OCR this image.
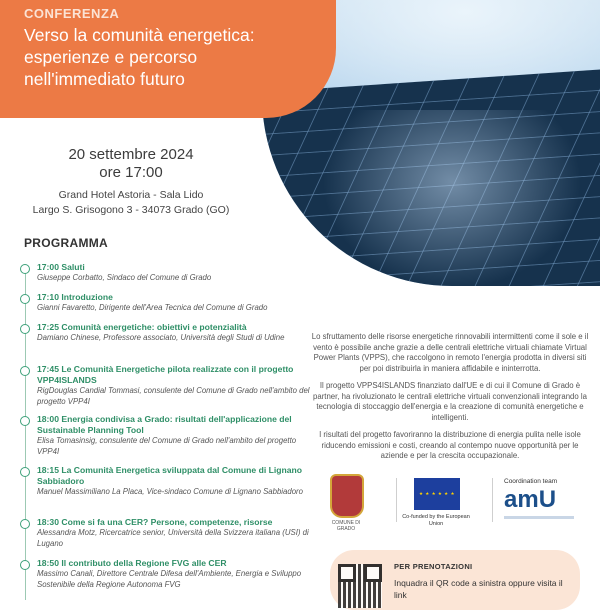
CONFERENZA
Verso la comunità energetica:
esperienze e percorso
nell'immediato futuro
20 settembre 2024
ore 17:00
Grand Hotel Astoria - Sala Lido
Largo S. Grisogono 3 - 34073 Grado (GO)
PROGRAMMA
17:00 Saluti
Giuseppe Corbatto, Sindaco del Comune di Grado
17:10 Introduzione
Gianni Favaretto, Dirigente dell'Area Tecnica del Comune di Grado
17:25 Comunità energetiche: obiettivi e potenzialità
Damiano Chinese, Professore associato, Università degli Studi di Udine
17:45 Le Comunità Energetiche pilota realizzate con il progetto VPP4ISLANDS
RigDouglas Candial Tommasi, consulente del Comune di Grado nell'ambito del progetto VPP4I
18:00 Energia condivisa a Grado: risultati dell'applicazione del Sustainable Planning Tool
Elisa Tomasinsig, consulente del Comune di Grado nell'ambito del progetto VPP4I
18:15 La Comunità Energetica sviluppata dal Comune di Lignano Sabbiadoro
Manuel Massimiliano La Placa, Vice-sindaco Comune di Lignano Sabbiadoro
18:30 Come si fa una CER? Persone, competenze, risorse
Alessandra Motz, Ricercatrice senior, Università della Svizzera italiana (USI) di Lugano
18:50 Il contributo della Regione FVG alle CER
Massimo Canali, Direttore Centrale Difesa dell'Ambiente, Energia e Sviluppo Sostenibile della Regione Autonoma FVG

Lo sfruttamento delle risorse energetiche rinnovabili intermittenti come il sole e il vento è possibile anche grazie a delle centrali elettriche virtuali chiamate Virtual Power Plants (VPPS), che raccolgono in remoto l'energia prodotta in diversi siti per poi distribuirla in maniera affidabile e ininterrotta.

Il progetto VPPS4ISLANDS finanziato dall'UE e di cui il Comune di Grado è partner, ha rivoluzionato le centrali elettriche virtuali convenzionali integrando la tecnologia di stoccaggio dell'energia e la creazione di comunità energetiche e intelligenti.

I risultati del progetto favoriranno la distribuzione di energia pulita nelle isole riducendo emissioni e costi, creando al contempo nuove opportunità per le aziende e per la crescita occupazionale.

COMUNE DI GRADO
★ ★ ★ ★ ★ ★
Co-funded by the European Union
Coordination team
amU
PER PRENOTAZIONI
Inquadra il QR code a sinistra oppure visita il link
